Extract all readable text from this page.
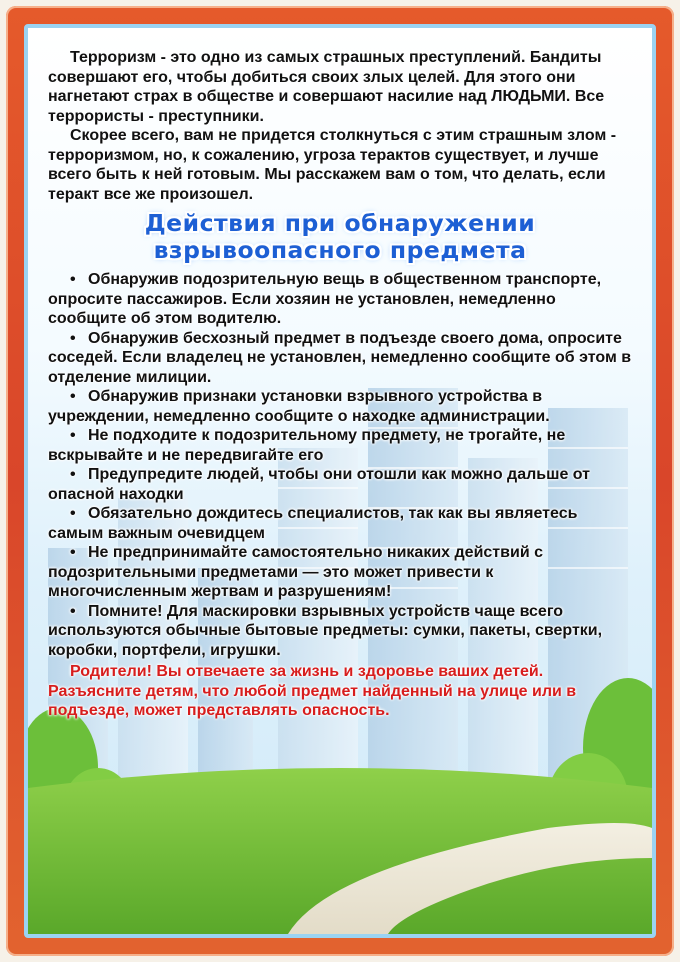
Терроризм - это одно из самых страшных преступлений. Бандиты совершают его, чтобы добиться своих злых целей. Для этого они нагнетают страх в обществе и совершают насилие над ЛЮДЬМИ. Все террористы - преступники.

Скорее всего, вам не придется столкнуться с этим страшным злом - терроризмом, но, к сожалению, угроза терактов существует, и лучше всего быть к ней готовым. Мы расскажем вам о том, что делать, если теракт все же произошел.

Действия при обнаружении
взрывоопасного предмета
• Обнаружив подозрительную вещь в общественном транспорте, опросите пассажиров. Если хозяин не установлен, немедленно сообщите об этом водителю.
• Обнаружив бесхозный предмет в подъезде своего дома, опросите соседей. Если владелец не установлен, немедленно сообщите об этом в отделение милиции.
• Обнаружив признаки установки взрывного устройства в учреждении, немедленно сообщите о находке администрации.
• Не подходите к подозрительному предмету, не трогайте, не вскрывайте и не передвигайте его
• Предупредите людей, чтобы они отошли как можно дальше от опасной находки
• Обязательно дождитесь специалистов, так как вы являетесь самым важным очевидцем
• Не предпринимайте самостоятельно никаких действий с подозрительными предметами — это может привести к многочисленным жертвам и разрушениям!
• Помните! Для маскировки взрывных устройств чаще всего используются обычные бытовые предметы: сумки, пакеты, свертки, коробки, портфели, игрушки.

Родители! Вы отвечаете за жизнь и здоровье ваших детей. Разъясните детям, что любой предмет найденный на улице или в подъезде, может представлять опасность.
